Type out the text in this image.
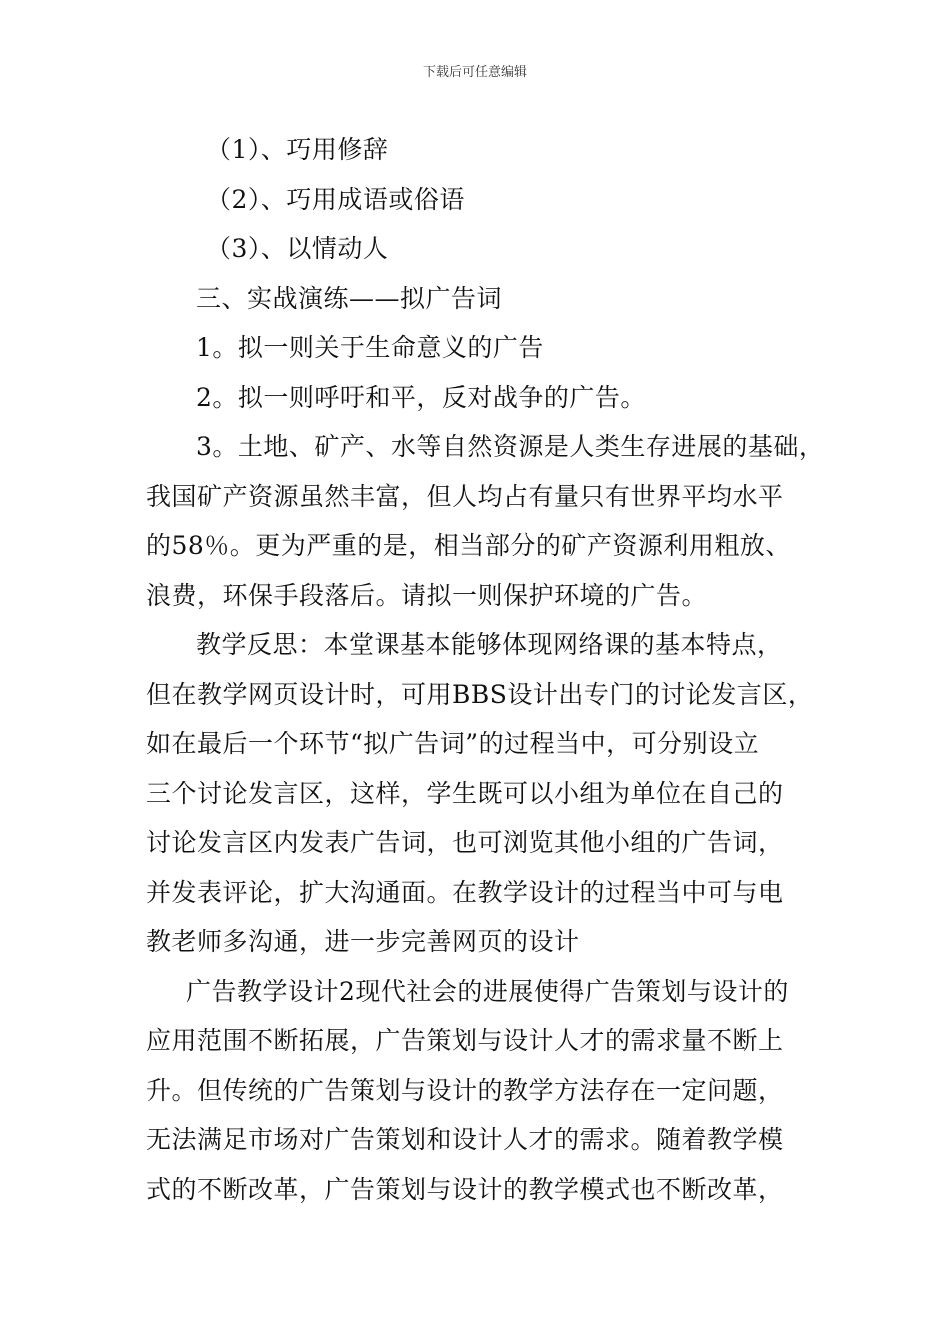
下载后可任意编辑
（1）、巧用修辞
（2）、巧用成语或俗语
（3）、以情动人
三、实战演练——拟广告词
1。拟一则关于生命意义的广告
2。拟一则呼吁和平，反对战争的广告。
3。土地、矿产、水等自然资源是人类生存进展的基础，
我国矿产资源虽然丰富，但人均占有量只有世界平均水平
的58％。更为严重的是，相当部分的矿产资源利用粗放、
浪费，环保手段落后。请拟一则保护环境的广告。
教学反思：本堂课基本能够体现网络课的基本特点，
但在教学网页设计时，可用BBS设计出专门的讨论发言区，
如在最后一个环节“拟广告词”的过程当中，可分别设立
三个讨论发言区，这样，学生既可以小组为单位在自己的
讨论发言区内发表广告词，也可浏览其他小组的广告词，
并发表评论，扩大沟通面。在教学设计的过程当中可与电
教老师多沟通，进一步完善网页的设计
广告教学设计2现代社会的进展使得广告策划与设计的
应用范围不断拓展，广告策划与设计人才的需求量不断上
升。但传统的广告策划与设计的教学方法存在一定问题，
无法满足市场对广告策划和设计人才的需求。随着教学模
式的不断改革，广告策划与设计的教学模式也不断改革，
